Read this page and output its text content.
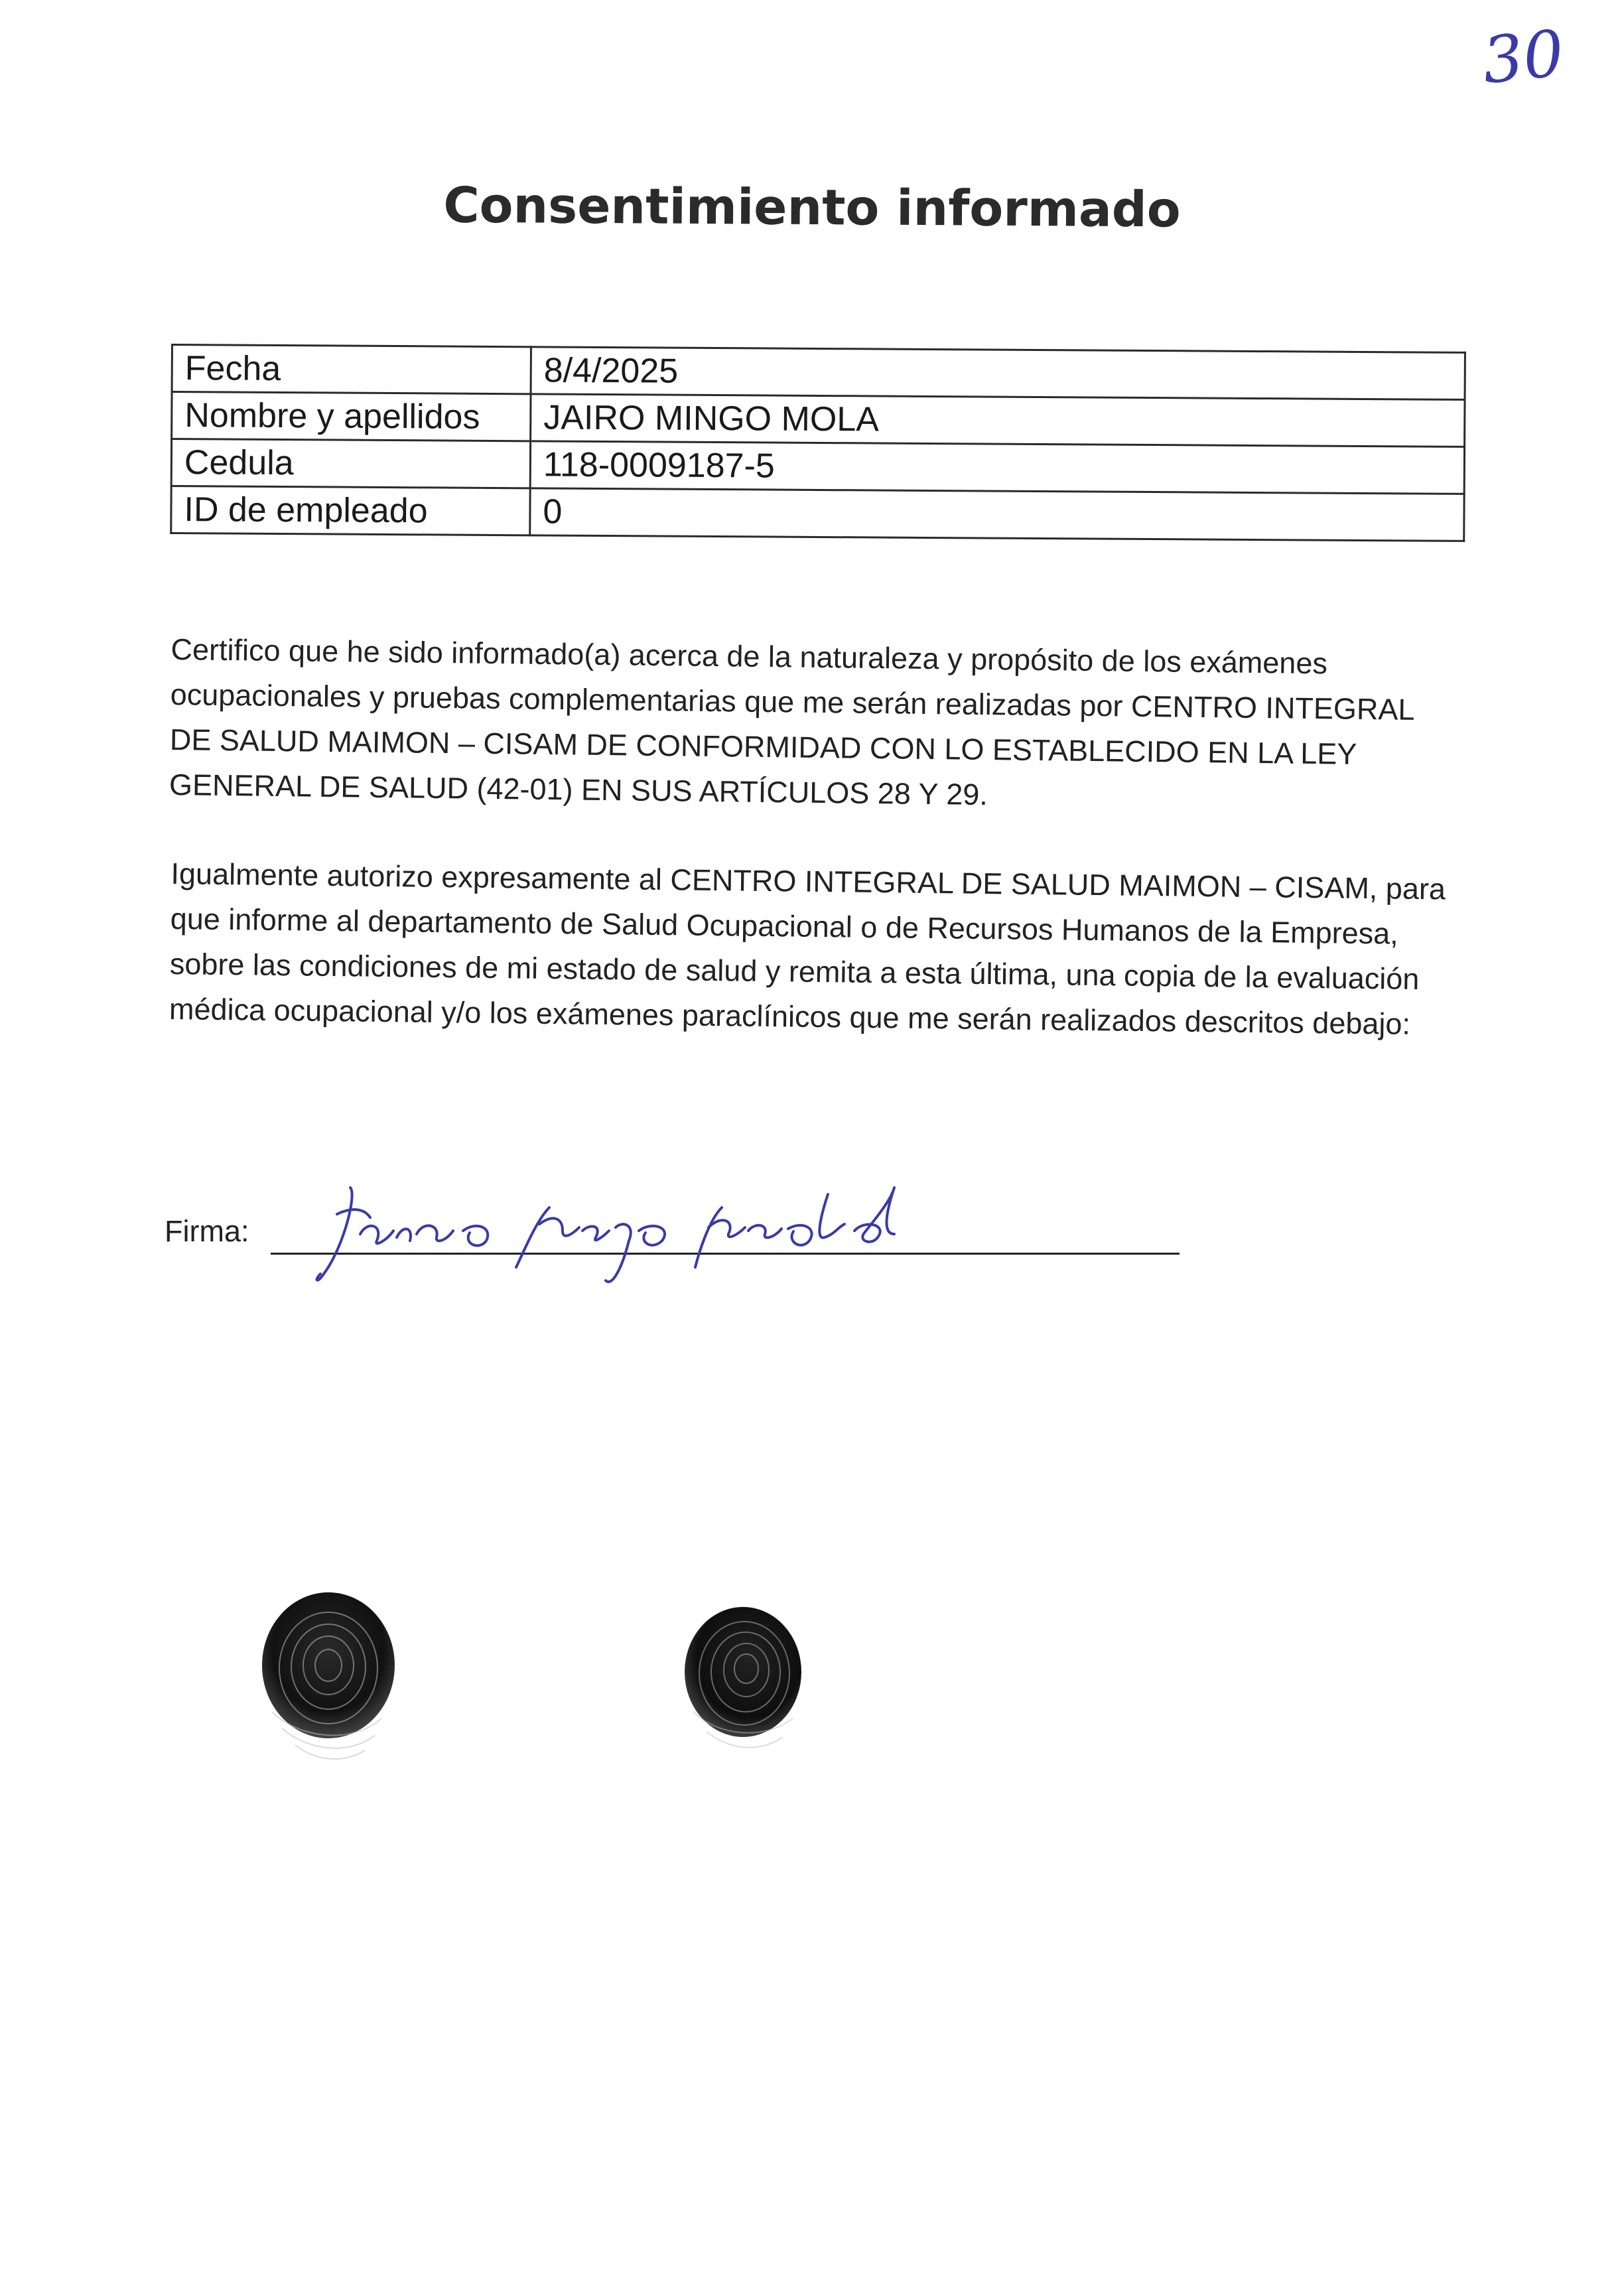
30
Consentimiento informado
Fecha	8/4/2025
Nombre y apellidos	JAIRO MINGO MOLA
Cedula	118-0009187-5
ID de empleado	0

Certifico que he sido informado(a) acerca de la naturaleza y propósito de los exámenes ocupacionales y pruebas complementarias que me serán realizadas por CENTRO INTEGRAL DE SALUD MAIMON – CISAM DE CONFORMIDAD CON LO ESTABLECIDO EN LA LEY GENERAL DE SALUD (42-01) EN SUS ARTÍCULOS 28 Y 29.

Igualmente autorizo expresamente al CENTRO INTEGRAL DE SALUD MAIMON – CISAM, para que informe al departamento de Salud Ocupacional o de Recursos Humanos de la Empresa, sobre las condiciones de mi estado de salud y remita a esta última, una copia de la evaluación médica ocupacional y/o los exámenes paraclínicos que me serán realizados descritos debajo:

Firma:
